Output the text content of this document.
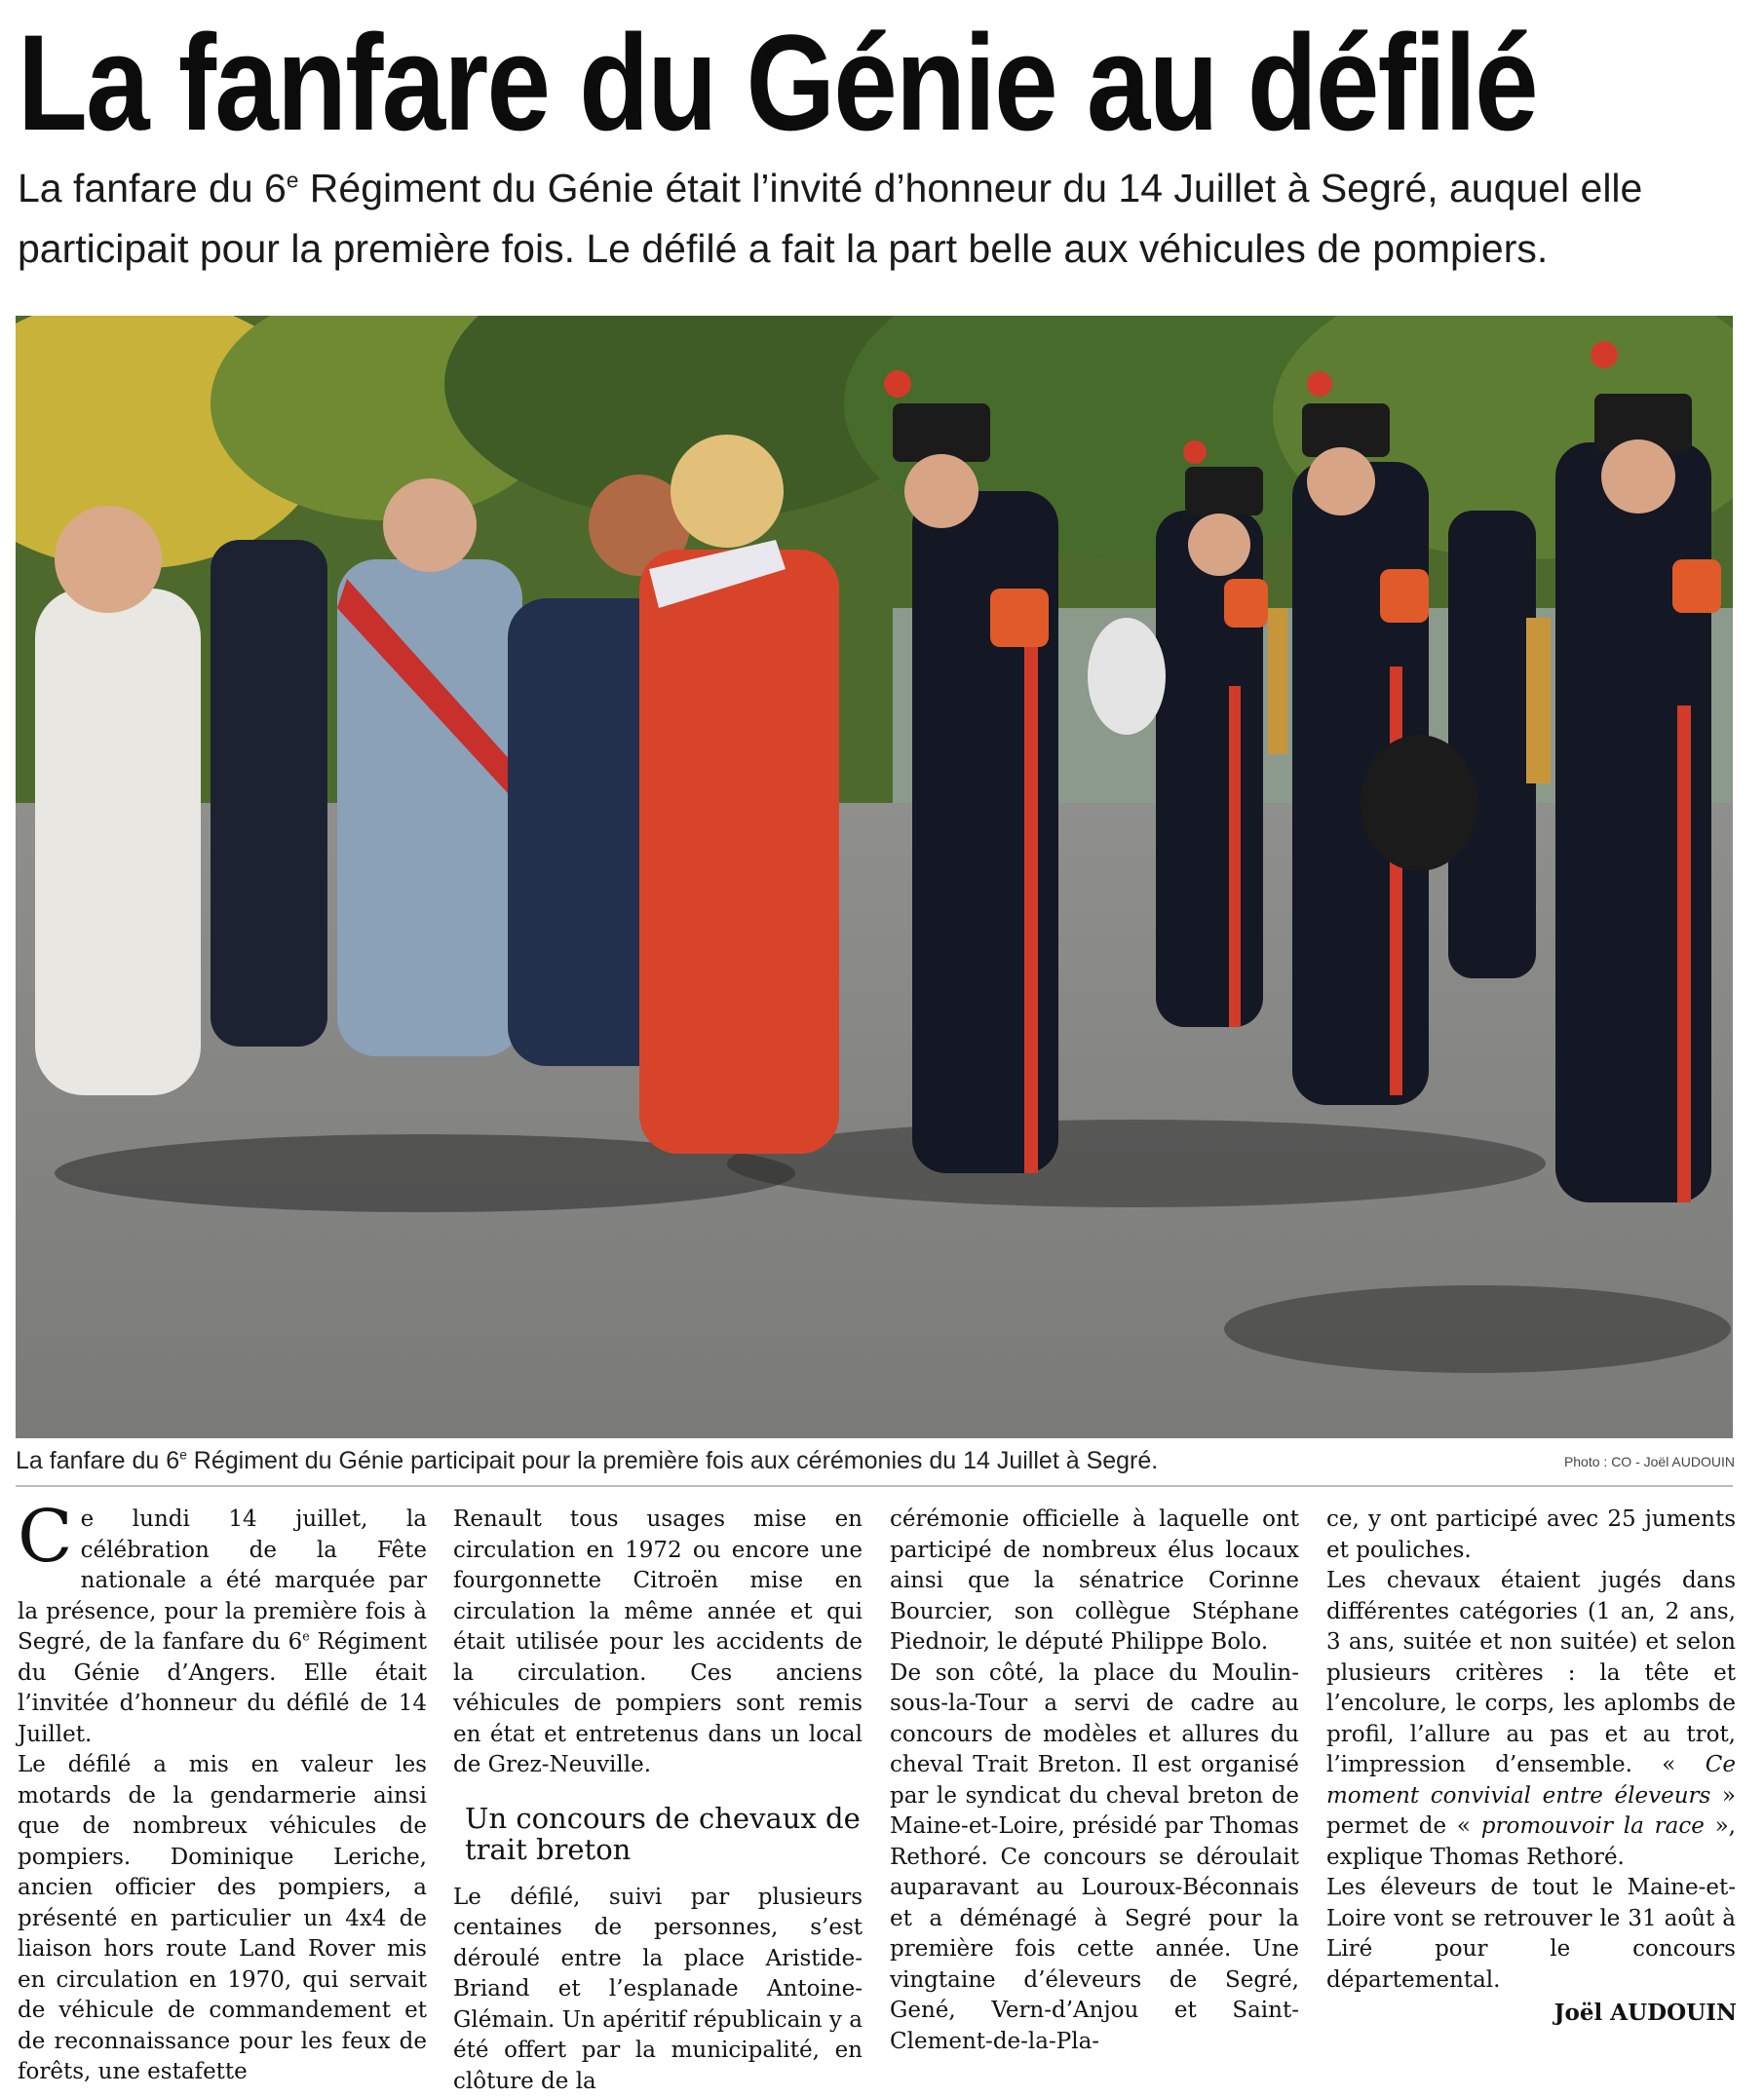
La fanfare du Génie au défilé
La fanfare du 6e Régiment du Génie était l’invité d’honneur du 14 Juillet à Segré, auquel elle participait pour la première fois. Le défilé a fait la part belle aux véhicules de pompiers.
La fanfare du 6e Régiment du Génie participait pour la première fois aux cérémonies du 14 Juillet à Segré.	Photo : CO - Joël AUDOUIN

Ce lundi 14 juillet, la célébration de la Fête nationale a été marquée par la présence, pour la première fois à Segré, de la fanfare du 6e Régiment du Génie d’Angers. Elle était l’invitée d’honneur du défilé de 14 Juillet.

Le défilé a mis en valeur les motards de la gendarmerie ainsi que de nombreux véhicules de pompiers. Dominique Leriche, ancien officier des pompiers, a présenté en particulier un 4x4 de liaison hors route Land Rover mis en circulation en 1970, qui servait de véhicule de commandement et de reconnaissance pour les feux de forêts, une estafette

Renault tous usages mise en circulation en 1972 ou encore une fourgonnette Citroën mise en circulation la même année et qui était utilisée pour les accidents de la circulation. Ces anciens véhicules de pompiers sont remis en état et entretenus dans un local de Grez-Neuville.

Un concours de chevaux de trait breton

Le défilé, suivi par plusieurs centaines de personnes, s’est déroulé entre la place Aristide-Briand et l’esplanade Antoine-Glémain. Un apéritif républicain y a été offert par la municipalité, en clôture de la

cérémonie officielle à laquelle ont participé de nombreux élus locaux ainsi que la sénatrice Corinne Bourcier, son collègue Stéphane Piednoir, le député Philippe Bolo.

De son côté, la place du Moulin-sous-la-Tour a servi de cadre au concours de modèles et allures du cheval Trait Breton. Il est organisé par le syndicat du cheval breton de Maine-et-Loire, présidé par Thomas Rethoré. Ce concours se déroulait auparavant au Louroux-Béconnais et a déménagé à Segré pour la première fois cette année. Une vingtaine d’éleveurs de Segré, Gené, Vern-d’Anjou et Saint-Clement-de-la-Pla-

ce, y ont participé avec 25 juments et pouliches.

Les chevaux étaient jugés dans différentes catégories (1 an, 2 ans, 3 ans, suitée et non suitée) et selon plusieurs critères : la tête et l’encolure, le corps, les aplombs de profil, l’allure au pas et au trot, l’impression d’ensemble. « Ce moment convivial entre éleveurs » permet de « promouvoir la race », explique Thomas Rethoré.

Les éleveurs de tout le Maine-et-Loire vont se retrouver le 31 août à Liré pour le concours départemental.

Joël AUDOUIN
